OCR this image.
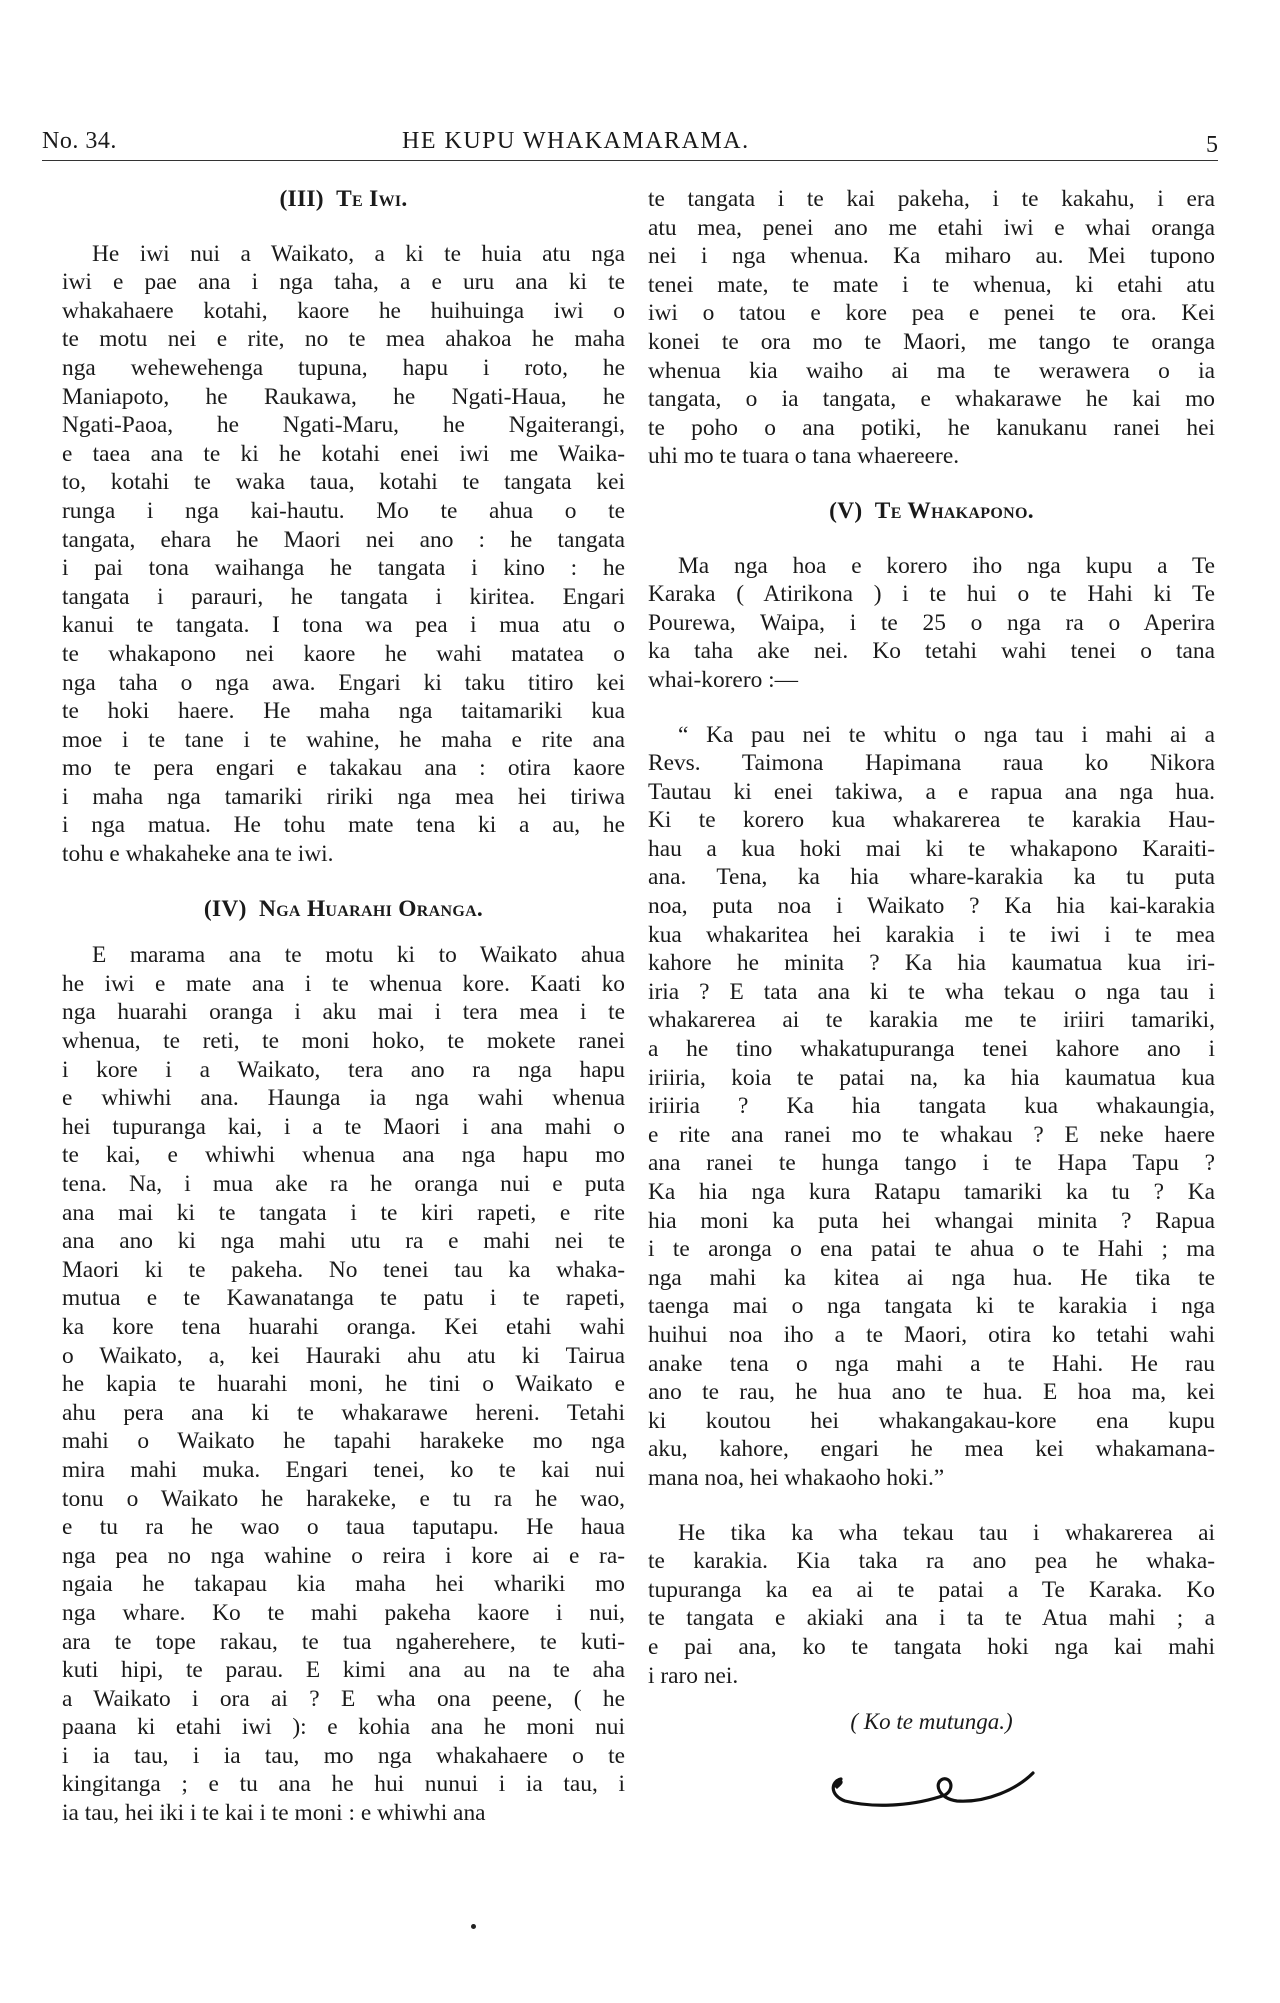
No. 34.	HE KUPU WHAKAMARAMA.	5
(III) Te Iwi.
He iwi nui a Waikato, a ki te huia atu nga
iwi e pae ana i nga taha, a e uru ana ki te
whakahaere kotahi, kaore he huihuinga iwi o
te motu nei e rite, no te mea ahakoa he maha
nga wehewehenga tupuna, hapu i roto, he
Maniapoto, he Raukawa, he Ngati-Haua, he
Ngati-Paoa, he Ngati-Maru, he Ngaiterangi,
e taea ana te ki he kotahi enei iwi me Waika-
to, kotahi te waka taua, kotahi te tangata kei
runga i nga kai-hautu. Mo te ahua o te
tangata, ehara he Maori nei ano : he tangata
i pai tona waihanga he tangata i kino : he
tangata i parauri, he tangata i kiritea. Engari
kanui te tangata. I tona wa pea i mua atu o
te whakapono nei kaore he wahi matatea o
nga taha o nga awa. Engari ki taku titiro kei
te hoki haere. He maha nga taitamariki kua
moe i te tane i te wahine, he maha e rite ana
mo te pera engari e takakau ana : otira kaore
i maha nga tamariki ririki nga mea hei tiriwa
i nga matua. He tohu mate tena ki a au, he
tohu e whakaheke ana te iwi.
(IV) Nga Huarahi Oranga.
E marama ana te motu ki to Waikato ahua
he iwi e mate ana i te whenua kore. Kaati ko
nga huarahi oranga i aku mai i tera mea i te
whenua, te reti, te moni hoko, te mokete ranei
i kore i a Waikato, tera ano ra nga hapu
e whiwhi ana. Haunga ia nga wahi whenua
hei tupuranga kai, i a te Maori i ana mahi o
te kai, e whiwhi whenua ana nga hapu mo
tena. Na, i mua ake ra he oranga nui e puta
ana mai ki te tangata i te kiri rapeti, e rite
ana ano ki nga mahi utu ra e mahi nei te
Maori ki te pakeha. No tenei tau ka whaka-
mutua e te Kawanatanga te patu i te rapeti,
ka kore tena huarahi oranga. Kei etahi wahi
o Waikato, a, kei Hauraki ahu atu ki Tairua
he kapia te huarahi moni, he tini o Waikato e
ahu pera ana ki te whakarawe hereni. Tetahi
mahi o Waikato he tapahi harakeke mo nga
mira mahi muka. Engari tenei, ko te kai nui
tonu o Waikato he harakeke, e tu ra he wao,
e tu ra he wao o taua taputapu. He haua
nga pea no nga wahine o reira i kore ai e ra-
ngaia he takapau kia maha hei whariki mo
nga whare. Ko te mahi pakeha kaore i nui,
ara te tope rakau, te tua ngaherehere, te kuti-
kuti hipi, te parau. E kimi ana au na te aha
a Waikato i ora ai ? E wha ona peene, ( he
paana ki etahi iwi ): e kohia ana he moni nui
i ia tau, i ia tau, mo nga whakahaere o te
kingitanga ; e tu ana he hui nunui i ia tau, i
ia tau, hei iki i te kai i te moni : e whiwhi ana
te tangata i te kai pakeha, i te kakahu, i era
atu mea, penei ano me etahi iwi e whai oranga
nei i nga whenua. Ka miharo au. Mei tupono
tenei mate, te mate i te whenua, ki etahi atu
iwi o tatou e kore pea e penei te ora. Kei
konei te ora mo te Maori, me tango te oranga
whenua kia waiho ai ma te werawera o ia
tangata, o ia tangata, e whakarawe he kai mo
te poho o ana potiki, he kanukanu ranei hei
uhi mo te tuara o tana whaereere.
(V) Te Whakapono.
Ma nga hoa e korero iho nga kupu a Te
Karaka ( Atirikona ) i te hui o te Hahi ki Te
Pourewa, Waipa, i te 25 o nga ra o Aperira
ka taha ake nei. Ko tetahi wahi tenei o tana
whai-korero :—
“ Ka pau nei te whitu o nga tau i mahi ai a
Revs. Taimona Hapimana raua ko Nikora
Tautau ki enei takiwa, a e rapua ana nga hua.
Ki te korero kua whakarerea te karakia Hau-
hau a kua hoki mai ki te whakapono Karaiti-
ana. Tena, ka hia whare-karakia ka tu puta
noa, puta noa i Waikato ? Ka hia kai-karakia
kua whakaritea hei karakia i te iwi i te mea
kahore he minita ? Ka hia kaumatua kua iri-
iria ? E tata ana ki te wha tekau o nga tau i
whakarerea ai te karakia me te iriiri tamariki,
a he tino whakatupuranga tenei kahore ano i
iriiria, koia te patai na, ka hia kaumatua kua
iriiria ? Ka hia tangata kua whakaungia,
e rite ana ranei mo te whakau ? E neke haere
ana ranei te hunga tango i te Hapa Tapu ?
Ka hia nga kura Ratapu tamariki ka tu ? Ka
hia moni ka puta hei whangai minita ? Rapua
i te aronga o ena patai te ahua o te Hahi ; ma
nga mahi ka kitea ai nga hua. He tika te
taenga mai o nga tangata ki te karakia i nga
huihui noa iho a te Maori, otira ko tetahi wahi
anake tena o nga mahi a te Hahi. He rau
ano te rau, he hua ano te hua. E hoa ma, kei
ki koutou hei whakangakau-kore ena kupu
aku, kahore, engari he mea kei whakamana-
mana noa, hei whakaoho hoki.”
He tika ka wha tekau tau i whakarerea ai
te karakia. Kia taka ra ano pea he whaka-
tupuranga ka ea ai te patai a Te Karaka. Ko
te tangata e akiaki ana i ta te Atua mahi ; a
e pai ana, ko te tangata hoki nga kai mahi
i raro nei.

( Ko te mutunga.)
